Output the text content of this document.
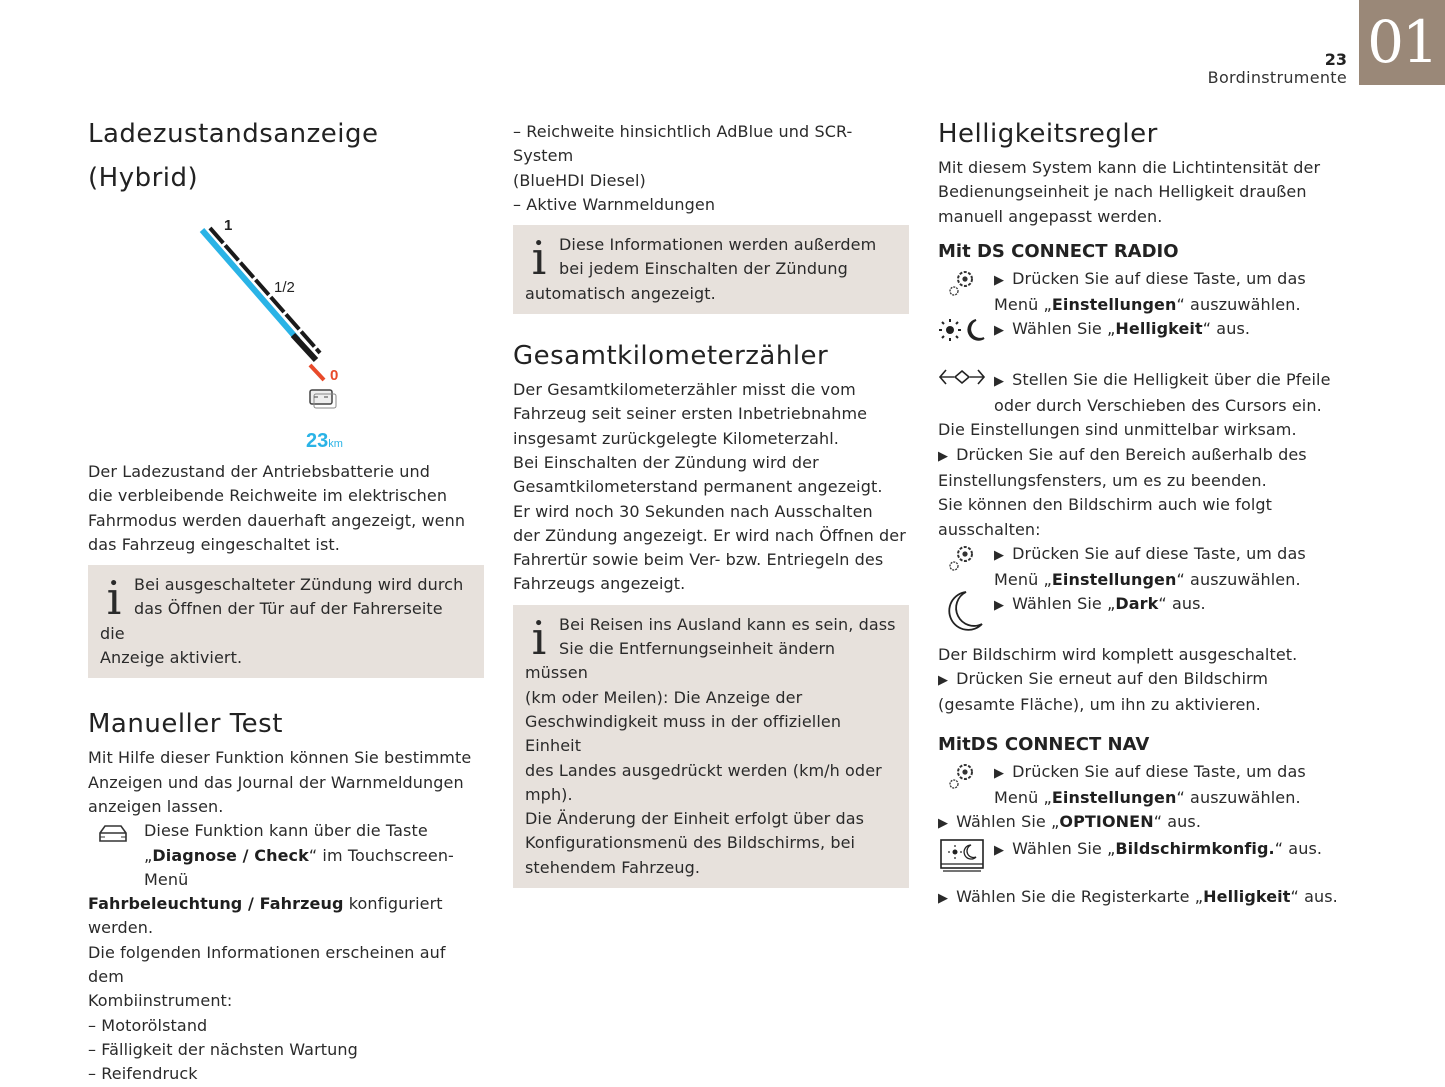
23
Bordinstrumente
01
Ladezustandsanzeige (Hybrid)
1
1/2
0
23km

Der Ladezustand der Antriebsbatterie und

die verbleibende Reichweite im elektrischen

Fahrmodus werden dauerhaft angezeigt, wenn

das Fahrzeug eingeschaltet ist.

i Bei ausgeschalteter Zündung wird durch

das Öffnen der Tür auf der Fahrerseite die

Anzeige aktiviert.

Manueller Test

Mit Hilfe dieser Funktion können Sie bestimmte

Anzeigen und das Journal der Warnmeldungen

anzeigen lassen.

Diese Funktion kann über die Taste

„Diagnose / Check“ im Touchscreen-Menü

Fahrbeleuchtung / Fahrzeug konfiguriert werden.

Die folgenden Informationen erscheinen auf dem

Kombiinstrument:

– Motorölstand

– Fälligkeit der nächsten Wartung

– Reifendruck

– Reichweite hinsichtlich AdBlue und SCR-System

(BlueHDI Diesel)

– Aktive Warnmeldungen

i Diese Informationen werden außerdem

bei jedem Einschalten der Zündung

automatisch angezeigt.

Gesamtkilometerzähler

Der Gesamtkilometerzähler misst die vom

Fahrzeug seit seiner ersten Inbetriebnahme

insgesamt zurückgelegte Kilometerzahl.

Bei Einschalten der Zündung wird der

Gesamtkilometerstand permanent angezeigt.

Er wird noch 30 Sekunden nach Ausschalten

der Zündung angezeigt. Er wird nach Öffnen der

Fahrertür sowie beim Ver- bzw. Entriegeln des

Fahrzeugs angezeigt.

i Bei Reisen ins Ausland kann es sein, dass

Sie die Entfernungseinheit ändern müssen

(km oder Meilen): Die Anzeige der

Geschwindigkeit muss in der offiziellen Einheit

des Landes ausgedrückt werden (km/h oder

mph).

Die Änderung der Einheit erfolgt über das

Konfigurationsmenü des Bildschirms, bei

stehendem Fahrzeug.

Helligkeitsregler

Mit diesem System kann die Lichtintensität der

Bedienungseinheit je nach Helligkeit draußen

manuell angepasst werden.

Mit DS CONNECT RADIO

▶ Drücken Sie auf diese Taste, um das

Menü „Einstellungen“ auszuwählen.

▶ Wählen Sie „Helligkeit“ aus.

▶ Stellen Sie die Helligkeit über die Pfeile

oder durch Verschieben des Cursors ein.

Die Einstellungen sind unmittelbar wirksam.

▶ Drücken Sie auf den Bereich außerhalb des

Einstellungsfensters, um es zu beenden.

Sie können den Bildschirm auch wie folgt

ausschalten:

▶ Drücken Sie auf diese Taste, um das

Menü „Einstellungen“ auszuwählen.

▶ Wählen Sie „Dark“ aus.

Der Bildschirm wird komplett ausgeschaltet.

▶ Drücken Sie erneut auf den Bildschirm

(gesamte Fläche), um ihn zu aktivieren.

MitDS CONNECT NAV

▶ Drücken Sie auf diese Taste, um das

Menü „Einstellungen“ auszuwählen.

▶ Wählen Sie „OPTIONEN“ aus.

▶ Wählen Sie „Bildschirmkonfig.“ aus.

▶ Wählen Sie die Registerkarte „Helligkeit“ aus.
